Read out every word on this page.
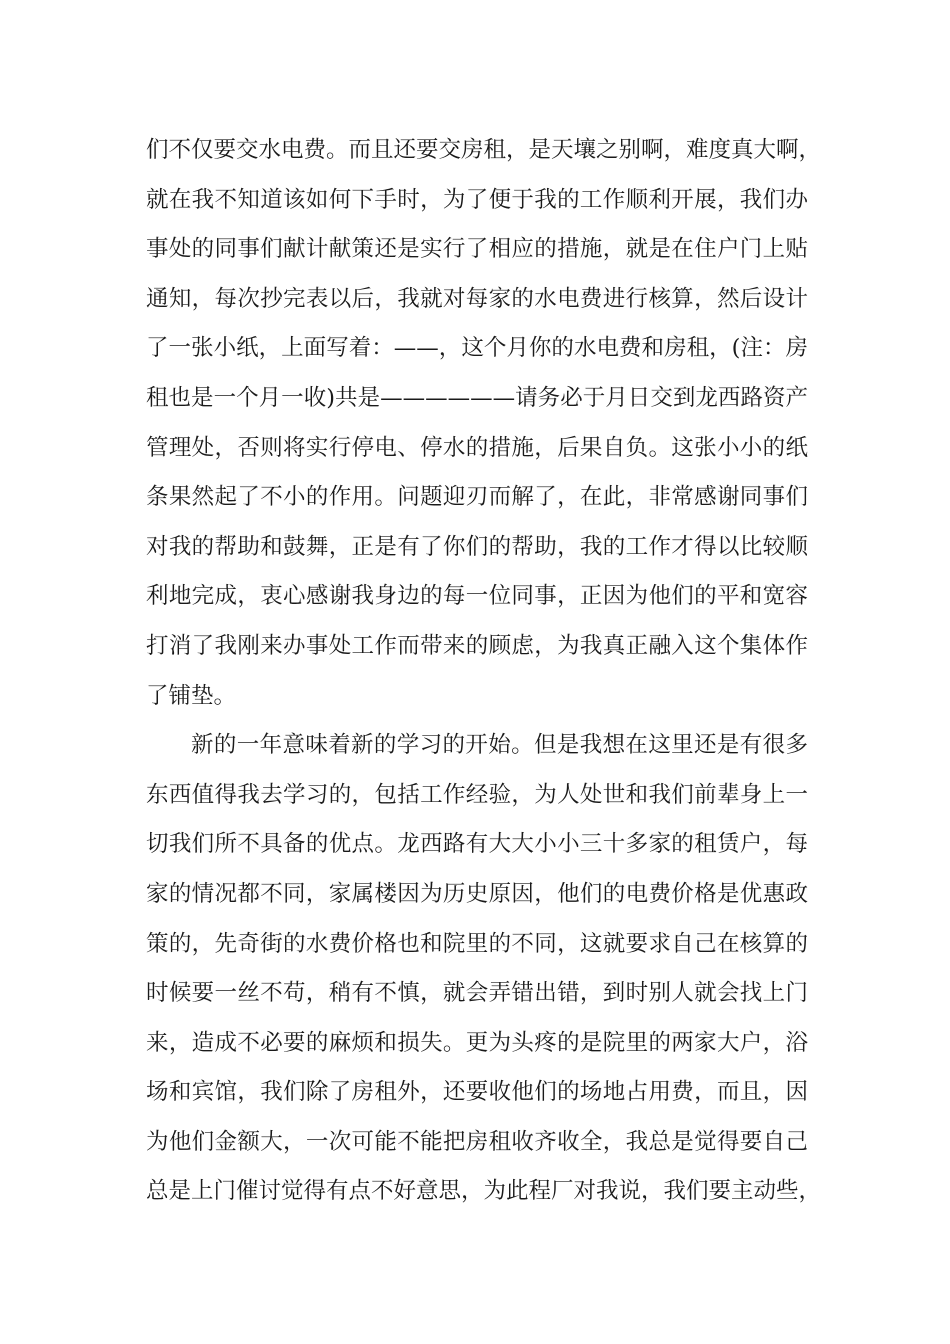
们不仅要交水电费。而且还要交房租，是天壤之别啊，难度真大啊，
就在我不知道该如何下手时，为了便于我的工作顺利开展，我们办
事处的同事们献计献策还是实行了相应的措施，就是在住户门上贴
通知，每次抄完表以后，我就对每家的水电费进行核算，然后设计
了一张小纸，上面写着：——，这个月你的水电费和房租，(注：房
租也是一个月一收)共是——————请务必于月日交到龙西路资产
管理处，否则将实行停电、停水的措施，后果自负。这张小小的纸
条果然起了不小的作用。问题迎刃而解了，在此，非常感谢同事们
对我的帮助和鼓舞，正是有了你们的帮助，我的工作才得以比较顺
利地完成，衷心感谢我身边的每一位同事，正因为他们的平和宽容
打消了我刚来办事处工作而带来的顾虑，为我真正融入这个集体作
了铺垫。
新的一年意味着新的学习的开始。但是我想在这里还是有很多
东西值得我去学习的，包括工作经验，为人处世和我们前辈身上一
切我们所不具备的优点。龙西路有大大小小三十多家的租赁户，每
家的情况都不同，家属楼因为历史原因，他们的电费价格是优惠政
策的，先奇街的水费价格也和院里的不同，这就要求自己在核算的
时候要一丝不苟，稍有不慎，就会弄错出错，到时别人就会找上门
来，造成不必要的麻烦和损失。更为头疼的是院里的两家大户，浴
场和宾馆，我们除了房租外，还要收他们的场地占用费，而且，因
为他们金额大，一次可能不能把房租收齐收全，我总是觉得要自己
总是上门催讨觉得有点不好意思，为此程厂对我说，我们要主动些，
